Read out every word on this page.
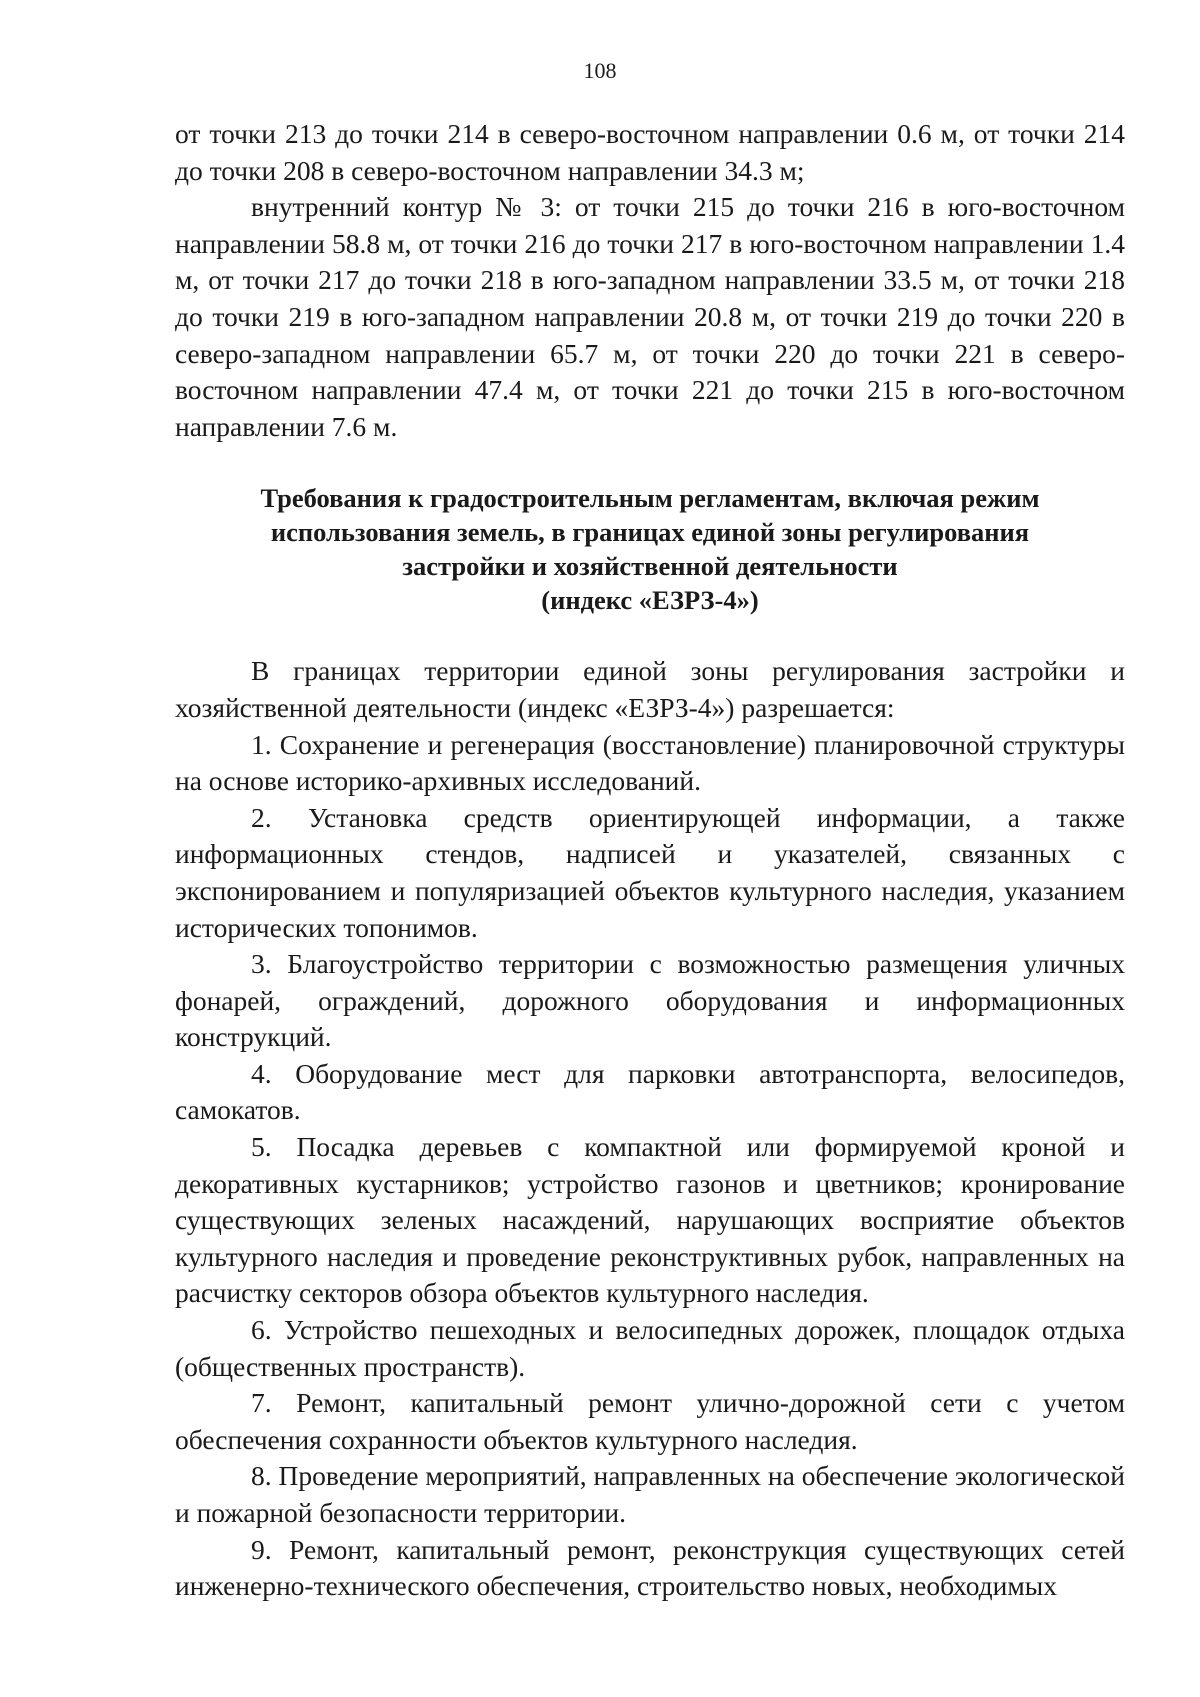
108

от точки 213 до точки 214 в северо-восточном направлении 0.6 м, от точки 214 до точки 208 в северо-восточном направлении 34.3 м;

внутренний контур № 3: от точки 215 до точки 216 в юго-восточном направлении 58.8 м, от точки 216 до точки 217 в юго-восточном направлении 1.4 м, от точки 217 до точки 218 в юго-западном направлении 33.5 м, от точки 218 до точки 219 в юго-западном направлении 20.8 м, от точки 219 до точки 220 в северо-западном направлении 65.7 м, от точки 220 до точки 221 в северо-восточном направлении 47.4 м, от точки 221 до точки 215 в юго-восточном направлении 7.6 м.

Требования к градостроительным регламентам, включая режим
использования земель, в границах единой зоны регулирования
застройки и хозяйственной деятельности
(индекс «ЕЗРЗ-4»)

В границах территории единой зоны регулирования застройки и хозяйственной деятельности (индекс «ЕЗРЗ-4») разрешается:

1. Сохранение и регенерация (восстановление) планировочной структуры на основе историко-архивных исследований.

2. Установка средств ориентирующей информации, а также информационных стендов, надписей и указателей, связанных с экспонированием и популяризацией объектов культурного наследия, указанием исторических топонимов.

3. Благоустройство территории с возможностью размещения уличных фонарей, ограждений, дорожного оборудования и информационных конструкций.

4. Оборудование мест для парковки автотранспорта, велосипедов, самокатов.

5. Посадка деревьев с компактной или формируемой кроной и декоративных кустарников; устройство газонов и цветников; кронирование существующих зеленых насаждений, нарушающих восприятие объектов культурного наследия и проведение реконструктивных рубок, направленных на расчистку секторов обзора объектов культурного наследия.

6. Устройство пешеходных и велосипедных дорожек, площадок отдыха (общественных пространств).

7. Ремонт, капитальный ремонт улично-дорожной сети с учетом обеспечения сохранности объектов культурного наследия.

8. Проведение мероприятий, направленных на обеспечение экологической и пожарной безопасности территории.

9. Ремонт, капитальный ремонт, реконструкция существующих сетей инженерно-технического обеспечения, строительство новых, необходимых
